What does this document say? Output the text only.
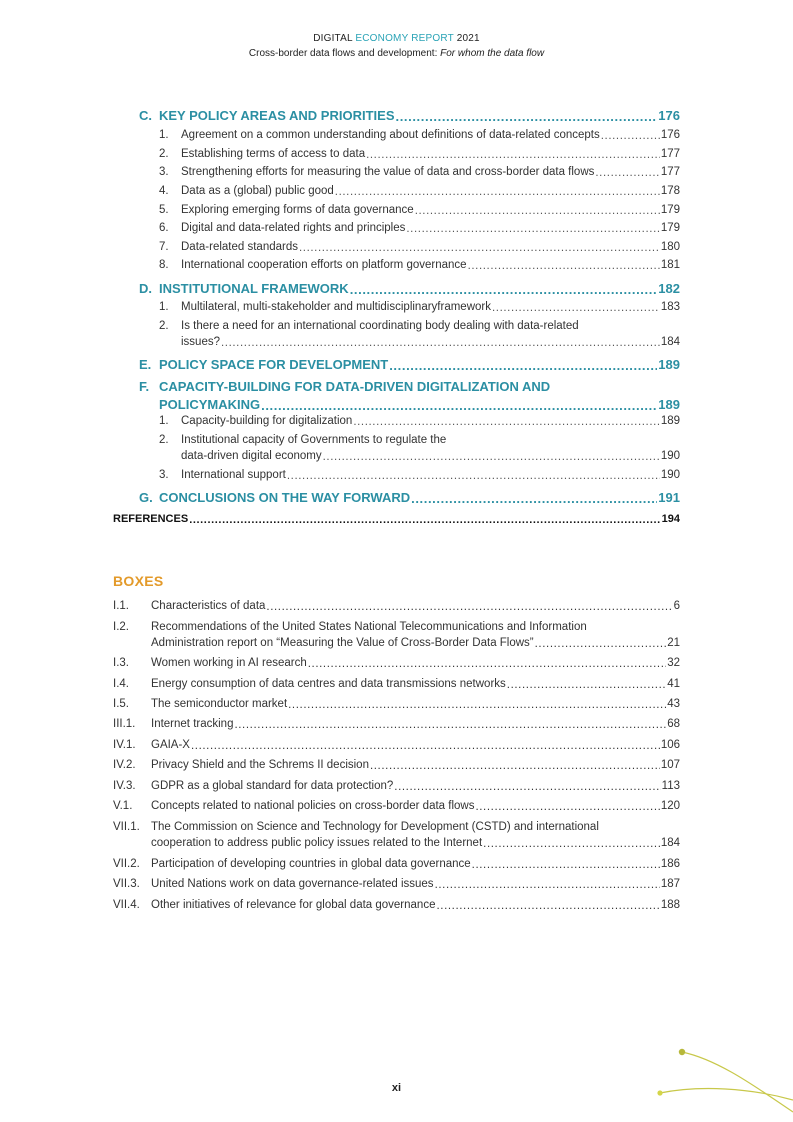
DIGITAL ECONOMY REPORT 2021
Cross-border data flows and development: For whom the data flow
C. KEY POLICY AREAS AND PRIORITIES .....	176
1. Agreement on a common understanding about definitions of data-related concepts .....	176
2. Establishing terms of access to data .....	177
3. Strengthening efforts for measuring the value of data and cross-border data flows .....	177
4. Data as a (global) public good .....	178
5. Exploring emerging forms of data governance .....	179
6. Digital and data-related rights and principles .....	179
7. Data-related standards .....	180
8. International cooperation efforts on platform governance .....	181
D. INSTITUTIONAL FRAMEWORK .....	182
1. Multilateral, multi-stakeholder and multidisciplinaryframework .....	183
2. Is there a need for an international coordinating body dealing with data-related
issues? .....	184
E. POLICY SPACE FOR DEVELOPMENT .....	189
F. CAPACITY-BUILDING FOR DATA-DRIVEN DIGITALIZATION AND
POLICYMAKING .....	189
1. Capacity-building for digitalization .....	189
2. Institutional capacity of Governments to regulate the
data-driven digital economy .....	190
3. International support .....	190
G. CONCLUSIONS ON THE WAY FORWARD .....	191
REFERENCES .....	194
BOXES
I.1. Characteristics of data .....	6
I.2. Recommendations of the United States National Telecommunications and Information
Administration report on “Measuring the Value of Cross-Border Data Flows” .....	21
I.3. Women working in AI research .....	32
I.4. Energy consumption of data centres and data transmissions networks .....	41
I.5. The semiconductor market .....	43
III.1. Internet tracking .....	68
IV.1. GAIA-X .....	106
IV.2. Privacy Shield and the Schrems II decision .....	107
IV.3. GDPR as a global standard for data protection? .....	113
V.1. Concepts related to national policies on cross-border data flows .....	120
VII.1. The Commission on Science and Technology for Development (CSTD) and international
cooperation to address public policy issues related to the Internet .....	184
VII.2. Participation of developing countries in global data governance .....	186
VII.3. United Nations work on data governance-related issues .....	187
VII.4. Other initiatives of relevance for global data governance .....	188
xi
